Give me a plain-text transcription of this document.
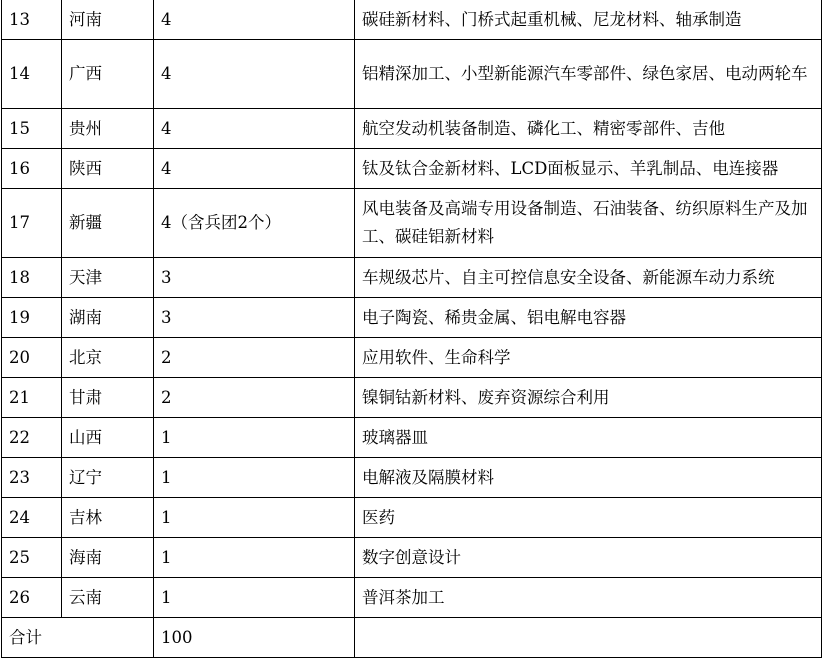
13	河南	4	碳硅新材料、门桥式起重机械、尼龙材料、轴承制造
14	广西	4	铝精深加工、小型新能源汽车零部件、绿色家居、电动两轮车
15	贵州	4	航空发动机装备制造、磷化工、精密零部件、吉他
16	陕西	4	钛及钛合金新材料、LCD面板显示、羊乳制品、电连接器
17	新疆	4（含兵团2个）	风电装备及高端专用设备制造、石油装备、纺织原料生产及加工、碳硅铝新材料
18	天津	3	车规级芯片、自主可控信息安全设备、新能源车动力系统
19	湖南	3	电子陶瓷、稀贵金属、铝电解电容器
20	北京	2	应用软件、生命科学
21	甘肃	2	镍铜钴新材料、废弃资源综合利用
22	山西	1	玻璃器皿
23	辽宁	1	电解液及隔膜材料
24	吉林	1	医药
25	海南	1	数字创意设计
26	云南	1	普洱茶加工
合计		100	
